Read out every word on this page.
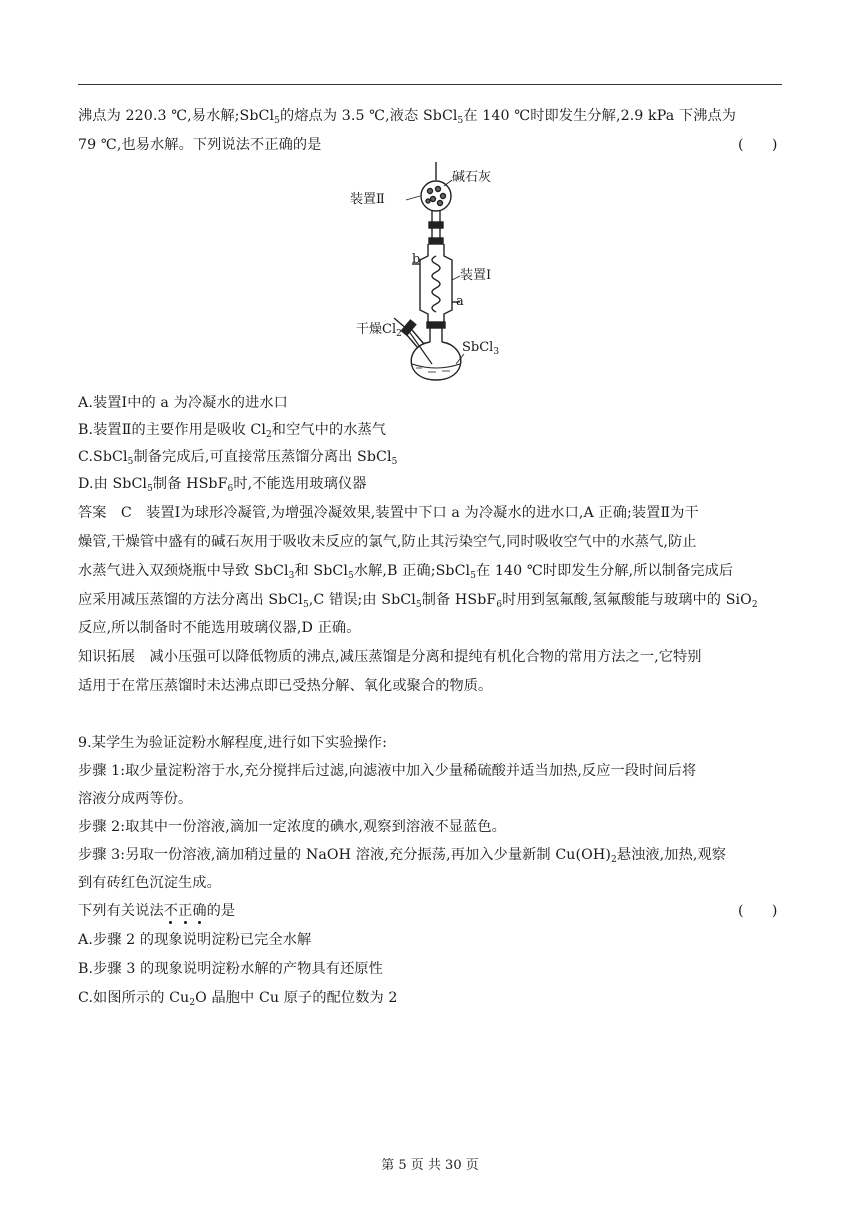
沸点为 220.3 ℃,易水解;SbCl$_5$的熔点为 3.5 ℃,液态 SbCl$_5$在 140 ℃时即发生分解,2.9 kPa 下沸点为
79 ℃,也易水解。下列说法不正确的是	(　　)
装置Ⅱ
碱石灰
b
装置Ⅰ
a
干燥$Cl_2$
SbCl$_3$
A.装置Ⅰ中的 a 为冷凝水的进水口
B.装置Ⅱ的主要作用是吸收 $Cl_2$和空气中的水蒸气
C.SbCl$_5$制备完成后,可直接常压蒸馏分离出 SbCl$_5$
D.由 SbCl$_5$制备 HSbF$_6$时,不能选用玻璃仪器
答案　C　装置Ⅰ为球形冷凝管,为增强冷凝效果,装置中下口 a 为冷凝水的进水口,A 正确;装置Ⅱ为干
燥管,干燥管中盛有的碱石灰用于吸收未反应的氯气,防止其污染空气,同时吸收空气中的水蒸气,防止
水蒸气进入双颈烧瓶中导致 SbCl$_3$和 SbCl$_5$水解,B 正确;SbCl$_5$在 140 ℃时即发生分解,所以制备完成后
应采用减压蒸馏的方法分离出 SbCl$_5$,C 错误;由 SbCl$_5$制备 HSbF$_6$时用到氢氟酸,氢氟酸能与玻璃中的 SiO$_2$
反应,所以制备时不能选用玻璃仪器,D 正确。
知识拓展　减小压强可以降低物质的沸点,减压蒸馏是分离和提纯有机化合物的常用方法之一,它特别
适用于在常压蒸馏时未达沸点即已受热分解、氧化或聚合的物质。
9.某学生为验证淀粉水解程度,进行如下实验操作:
步骤 1:取少量淀粉溶于水,充分搅拌后过滤,向滤液中加入少量稀硫酸并适当加热,反应一段时间后将
溶液分成两等份。
步骤 2:取其中一份溶液,滴加一定浓度的碘水,观察到溶液不显蓝色。
步骤 3:另取一份溶液,滴加稍过量的 NaOH 溶液,充分振荡,再加入少量新制 $Cu(OH)_2$悬浊液,加热,观察
到有砖红色沉淀生成。
下列有关说法不正确的是	(　　)
A.步骤 2 的现象说明淀粉已完全水解
B.步骤 3 的现象说明淀粉水解的产物具有还原性
C.如图所示的 $Cu_2O$ 晶胞中 Cu 原子的配位数为 2
第 5 页 共 30 页
